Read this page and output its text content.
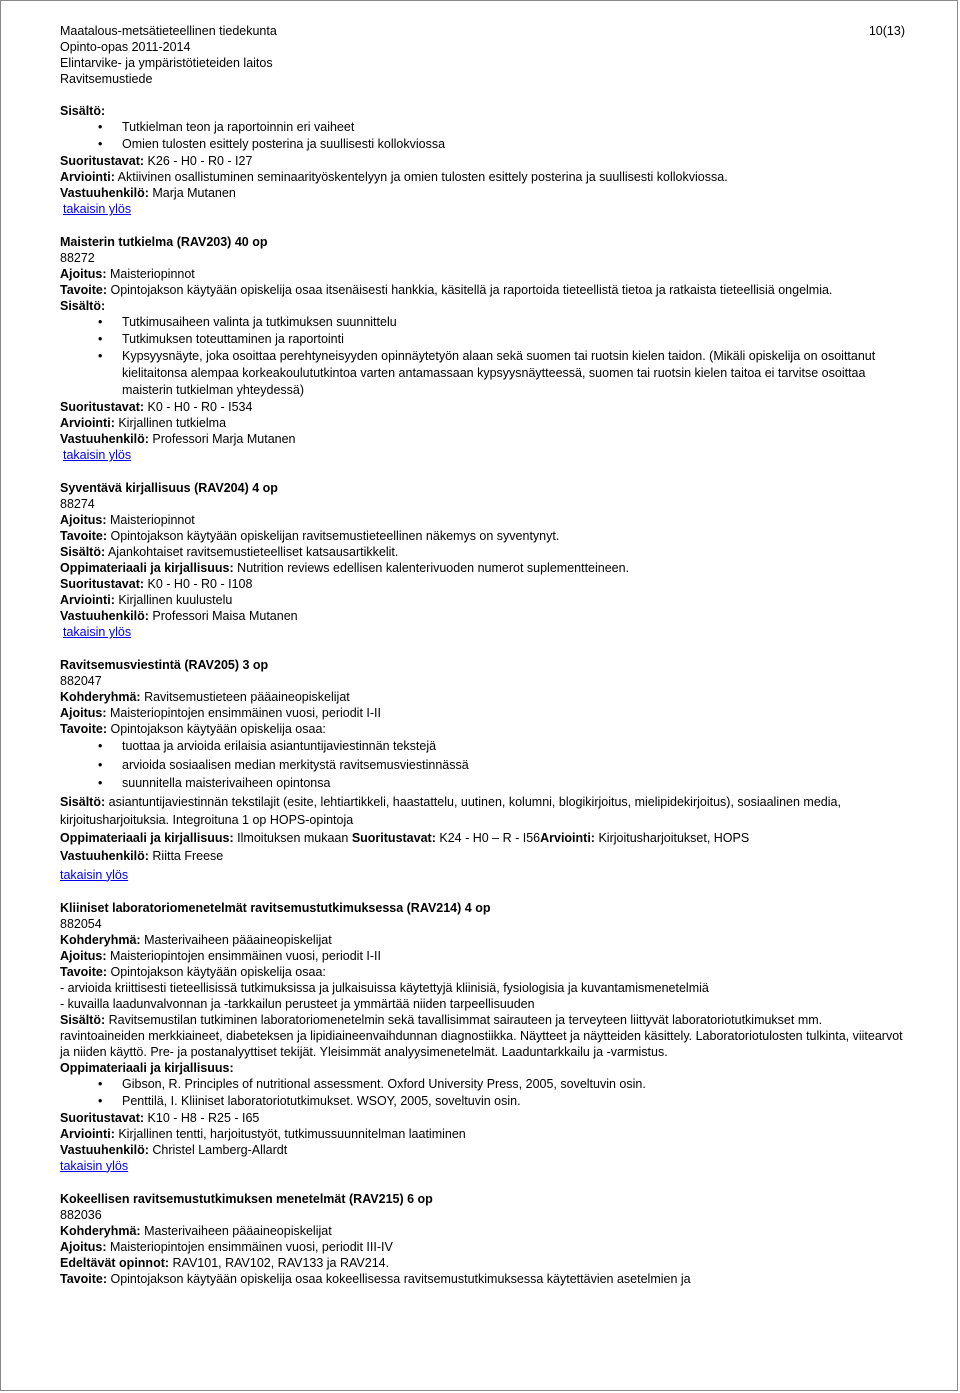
Maatalous-metsätieteellinen tiedekunta
Opinto-opas 2011-2014
Elintarvike- ja ympäristötieteiden laitos
Ravitsemustiede
10(13)

Sisältö:

• Tutkielman teon ja raportoinnin eri vaiheet
• Omien tulosten esittely posterina ja suullisesti kollokviossa

Suoritustavat: K26 - H0 - R0 - I27

Arviointi: Aktiivinen osallistuminen seminaarityöskentelyyn ja omien tulosten esittely posterina ja suullisesti kollokviossa.

Vastuuhenkilö: Marja Mutanen

takaisin ylös

Maisterin tutkielma (RAV203) 40 op

88272

Ajoitus: Maisteriopinnot

Tavoite: Opintojakson käytyään opiskelija osaa itsenäisesti hankkia, käsitellä ja raportoida tieteellistä tietoa ja ratkaista tieteellisiä ongelmia.

Sisältö:

• Tutkimusaiheen valinta ja tutkimuksen suunnittelu
• Tutkimuksen toteuttaminen ja raportointi
• Kypsyysnäyte, joka osoittaa perehtyneisyyden opinnäytetyön alaan sekä suomen tai ruotsin kielen taidon. (Mikäli opiskelija on osoittanut kielitaitonsa alempaa korkeakoulututkintoa varten antamassaan kypsyysnäytteessä, suomen tai ruotsin kielen taitoa ei tarvitse osoittaa maisterin tutkielman yhteydessä)

Suoritustavat: K0 - H0 - R0 - I534

Arviointi: Kirjallinen tutkielma

Vastuuhenkilö: Professori Marja Mutanen

takaisin ylös

Syventävä kirjallisuus (RAV204) 4 op

88274

Ajoitus: Maisteriopinnot

Tavoite: Opintojakson käytyään opiskelijan ravitsemustieteellinen näkemys on syventynyt.

Sisältö: Ajankohtaiset ravitsemustieteelliset katsausartikkelit.

Oppimateriaali ja kirjallisuus: Nutrition reviews edellisen kalenterivuoden numerot suplementteineen.

Suoritustavat: K0 - H0 - R0 - I108

Arviointi: Kirjallinen kuulustelu

Vastuuhenkilö: Professori Maisa Mutanen

takaisin ylös

Ravitsemusviestintä (RAV205) 3 op

882047

Kohderyhmä: Ravitsemustieteen pääaineopiskelijat

Ajoitus: Maisteriopintojen ensimmäinen vuosi, periodit I-II

Tavoite: Opintojakson käytyään opiskelija osaa:

• tuottaa ja arvioida erilaisia asiantuntijaviestinnän tekstejä
• arvioida sosiaalisen median merkitystä ravitsemusviestinnässä
• suunnitella maisterivaiheen opintonsa

Sisältö: asiantuntijaviestinnän tekstilajit (esite, lehtiartikkeli, haastattelu, uutinen, kolumni, blogikirjoitus, mielipidekirjoitus), sosiaalinen media, kirjoitusharjoituksia. Integroituna 1 op HOPS-opintoja

Oppimateriaali ja kirjallisuus: Ilmoituksen mukaan Suoritustavat: K24 - H0 – R - I56Arviointi: Kirjoitusharjoitukset, HOPS

Vastuuhenkilö: Riitta Freese

takaisin ylös

Kliiniset laboratoriomenetelmät ravitsemustutkimuksessa (RAV214) 4 op

882054

Kohderyhmä: Masterivaiheen pääaineopiskelijat

Ajoitus: Maisteriopintojen ensimmäinen vuosi, periodit I-II

Tavoite: Opintojakson käytyään opiskelija osaa:

- arvioida kriittisesti tieteellisissä tutkimuksissa ja julkaisuissa käytettyjä kliinisiä, fysiologisia ja kuvantamismenetelmiä

- kuvailla laadunvalvonnan ja -tarkkailun perusteet ja ymmärtää niiden tarpeellisuuden

Sisältö: Ravitsemustilan tutkiminen laboratoriomenetelmin sekä tavallisimmat sairauteen ja terveyteen liittyvät laboratoriotutkimukset mm. ravintoaineiden merkkiaineet, diabeteksen ja lipidiaineenvaihdunnan diagnostiikka. Näytteet ja näytteiden käsittely. Laboratoriotulosten tulkinta, viitearvot ja niiden käyttö. Pre- ja postanalyyttiset tekijät. Yleisimmät analyysimenetelmät. Laaduntarkkailu ja -varmistus.

Oppimateriaali ja kirjallisuus:

• Gibson, R. Principles of nutritional assessment. Oxford University Press, 2005, soveltuvin osin.
• Penttilä, I. Kliiniset laboratoriotutkimukset. WSOY, 2005, soveltuvin osin.

Suoritustavat: K10 - H8 - R25 - I65

Arviointi: Kirjallinen tentti, harjoitustyöt, tutkimussuunnitelman laatiminen

Vastuuhenkilö: Christel Lamberg-Allardt

takaisin ylös

Kokeellisen ravitsemustutkimuksen menetelmät (RAV215) 6 op

882036

Kohderyhmä: Masterivaiheen pääaineopiskelijat

Ajoitus: Maisteriopintojen ensimmäinen vuosi, periodit III-IV

Edeltävät opinnot: RAV101, RAV102, RAV133 ja RAV214.

Tavoite: Opintojakson käytyään opiskelija osaa kokeellisessa ravitsemustutkimuksessa käytettävien asetelmien ja
